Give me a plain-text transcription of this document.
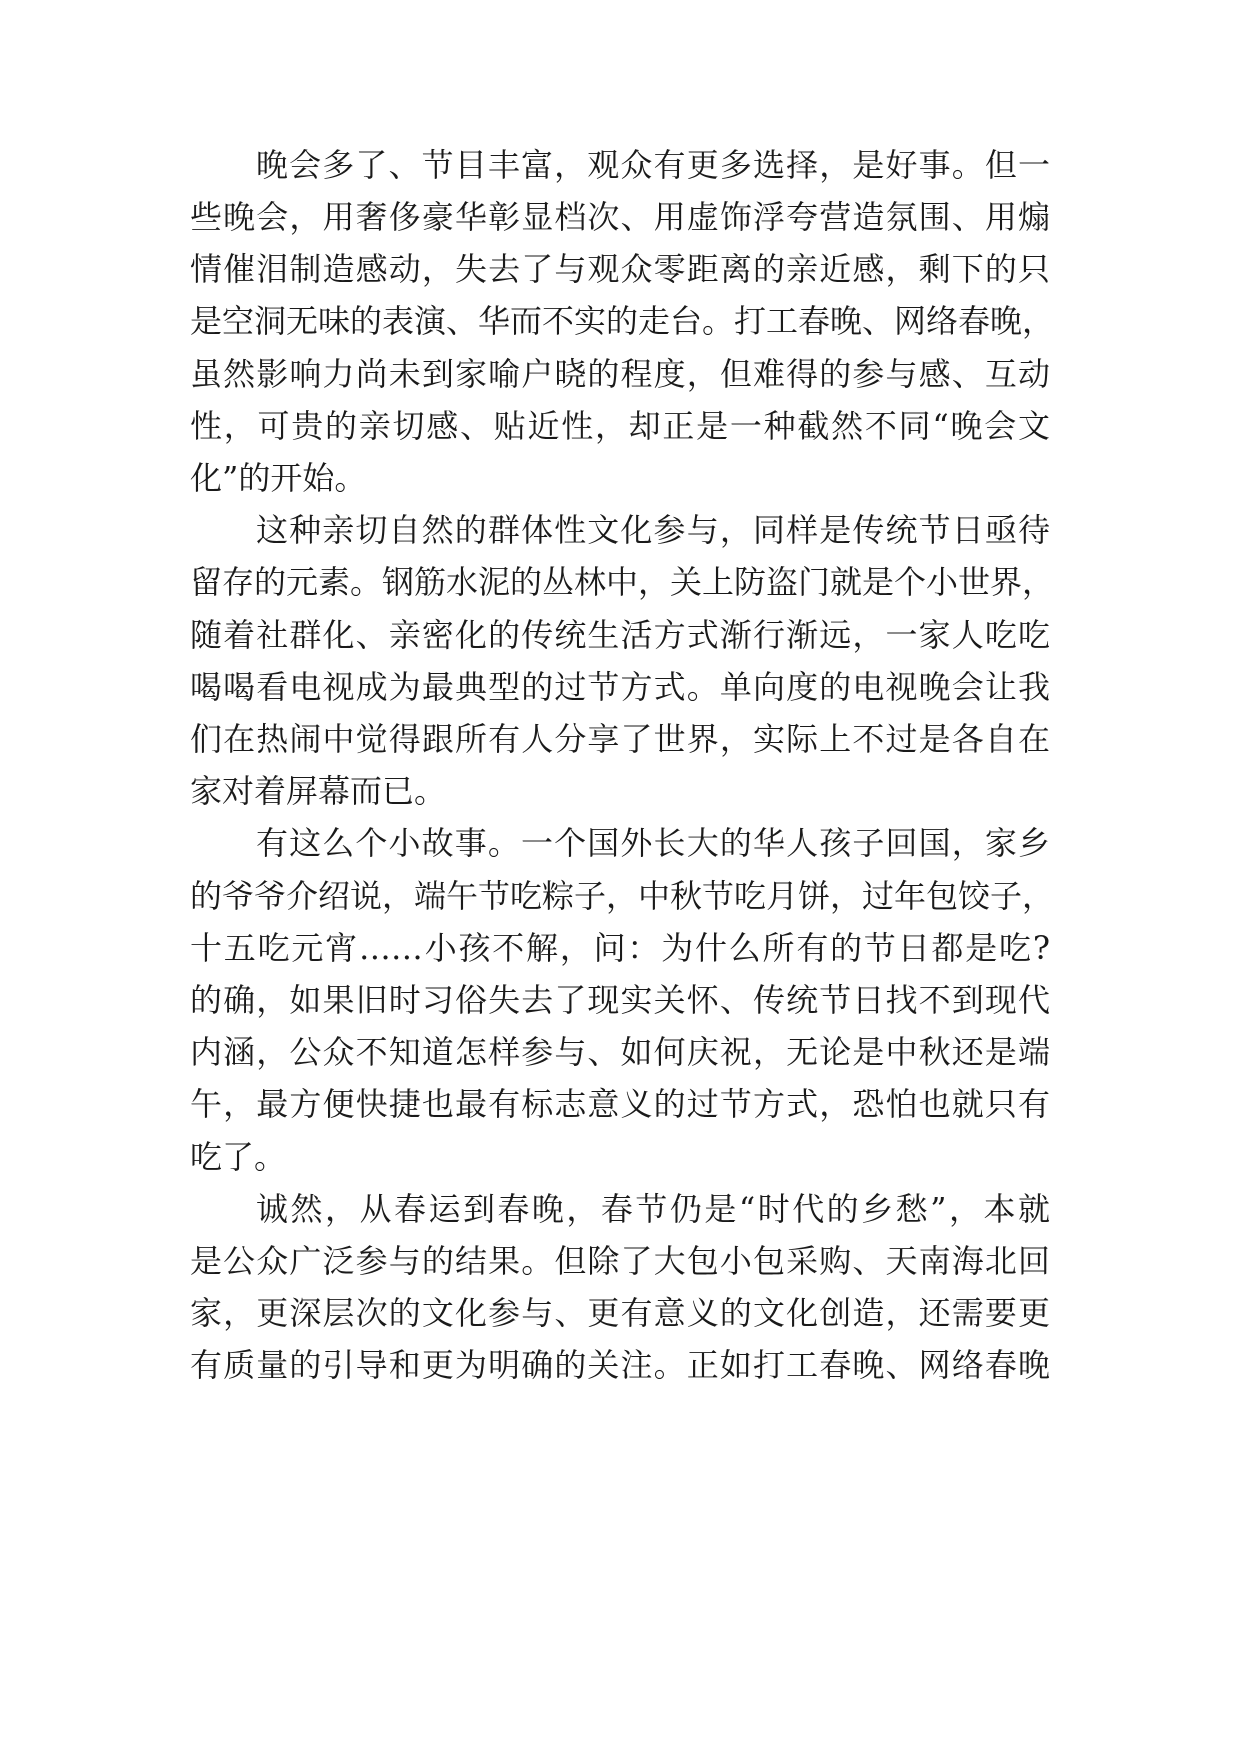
晚会多了、节目丰富，观众有更多选择，是好事。但一
些晚会，用奢侈豪华彰显档次、用虚饰浮夸营造氛围、用煽
情催泪制造感动，失去了与观众零距离的亲近感，剩下的只
是空洞无味的表演、华而不实的走台。打工春晚、网络春晚，
虽然影响力尚未到家喻户晓的程度，但难得的参与感、互动
性，可贵的亲切感、贴近性，却正是一种截然不同“晚会文
化”的开始。
这种亲切自然的群体性文化参与，同样是传统节日亟待
留存的元素。钢筋水泥的丛林中，关上防盗门就是个小世界，
随着社群化、亲密化的传统生活方式渐行渐远，一家人吃吃
喝喝看电视成为最典型的过节方式。单向度的电视晚会让我
们在热闹中觉得跟所有人分享了世界，实际上不过是各自在
家对着屏幕而已。
有这么个小故事。一个国外长大的华人孩子回国，家乡
的爷爷介绍说，端午节吃粽子，中秋节吃月饼，过年包饺子，
十五吃元宵……小孩不解，问：为什么所有的节日都是吃?
的确，如果旧时习俗失去了现实关怀、传统节日找不到现代
内涵，公众不知道怎样参与、如何庆祝，无论是中秋还是端
午，最方便快捷也最有标志意义的过节方式，恐怕也就只有
吃了。
诚然，从春运到春晚，春节仍是“时代的乡愁”，本就
是公众广泛参与的结果。但除了大包小包采购、天南海北回
家，更深层次的文化参与、更有意义的文化创造，还需要更
有质量的引导和更为明确的关注。正如打工春晚、网络春晚
